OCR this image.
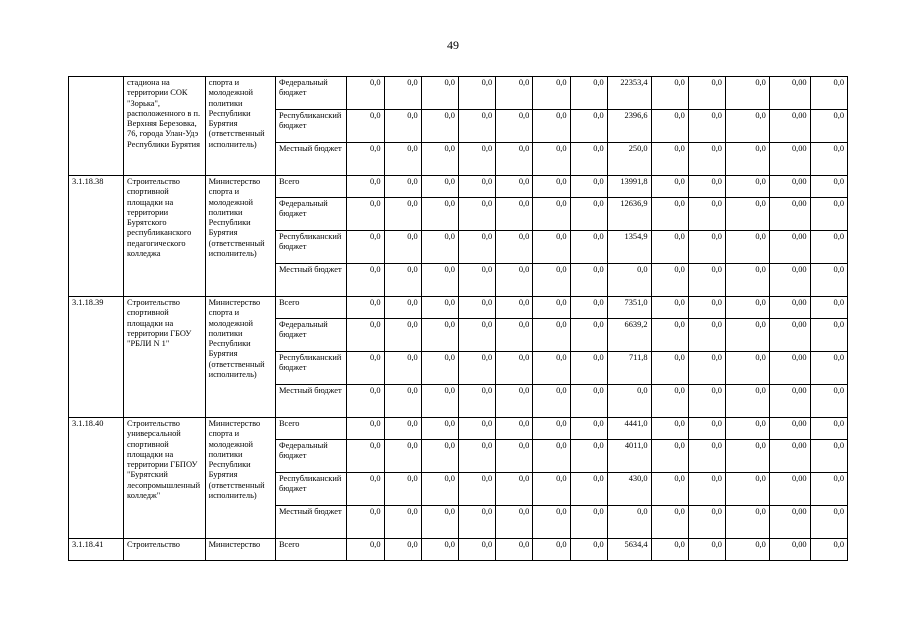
49
	стадиона на территории СОК "Зорька", расположенного в п. Верхняя Березовка, 76, города Улан-Удэ Республики Бурятия	спорта и молодежной политики Республики Бурятия (ответственный исполнитель)	Федеральный бюджет	0,0	0,0	0,0	0,0	0,0	0,0	0,0	22353,4	0,0	0,0	0,0	0,00	0,0
			Республиканский бюджет	0,0	0,0	0,0	0,0	0,0	0,0	0,0	2396,6	0,0	0,0	0,0	0,00	0,0
			Местный бюджет	0,0	0,0	0,0	0,0	0,0	0,0	0,0	250,0	0,0	0,0	0,0	0,00	0,0
3.1.18.38	Строительство спортивной площадки на территории Бурятского республиканского педагогического колледжа	Министерство спорта и молодежной политики Республики Бурятия (ответственный исполнитель)	Всего	0,0	0,0	0,0	0,0	0,0	0,0	0,0	13991,8	0,0	0,0	0,0	0,00	0,0
			Федеральный бюджет	0,0	0,0	0,0	0,0	0,0	0,0	0,0	12636,9	0,0	0,0	0,0	0,00	0,0
			Республиканский бюджет	0,0	0,0	0,0	0,0	0,0	0,0	0,0	1354,9	0,0	0,0	0,0	0,00	0,0
			Местный бюджет	0,0	0,0	0,0	0,0	0,0	0,0	0,0	0,0	0,0	0,0	0,0	0,00	0,0
3.1.18.39	Строительство спортивной площадки на территории ГБОУ "РБЛИ N 1"	Министерство спорта и молодежной политики Республики Бурятия (ответственный исполнитель)	Всего	0,0	0,0	0,0	0,0	0,0	0,0	0,0	7351,0	0,0	0,0	0,0	0,00	0,0
			Федеральный бюджет	0,0	0,0	0,0	0,0	0,0	0,0	0,0	6639,2	0,0	0,0	0,0	0,00	0,0
			Республиканский бюджет	0,0	0,0	0,0	0,0	0,0	0,0	0,0	711,8	0,0	0,0	0,0	0,00	0,0
			Местный бюджет	0,0	0,0	0,0	0,0	0,0	0,0	0,0	0,0	0,0	0,0	0,0	0,00	0,0
3.1.18.40	Строительство универсальной спортивной площадки на территории ГБПОУ "Бурятский лесопромышленный колледж"	Министерство спорта и молодежной политики Республики Бурятия (ответственный исполнитель)	Всего	0,0	0,0	0,0	0,0	0,0	0,0	0,0	4441,0	0,0	0,0	0,0	0,00	0,0
			Федеральный бюджет	0,0	0,0	0,0	0,0	0,0	0,0	0,0	4011,0	0,0	0,0	0,0	0,00	0,0
			Республиканский бюджет	0,0	0,0	0,0	0,0	0,0	0,0	0,0	430,0	0,0	0,0	0,0	0,00	0,0
			Местный бюджет	0,0	0,0	0,0	0,0	0,0	0,0	0,0	0,0	0,0	0,0	0,0	0,00	0,0
3.1.18.41	Строительство	Министерство	Всего	0,0	0,0	0,0	0,0	0,0	0,0	0,0	5634,4	0,0	0,0	0,0	0,00	0,0
